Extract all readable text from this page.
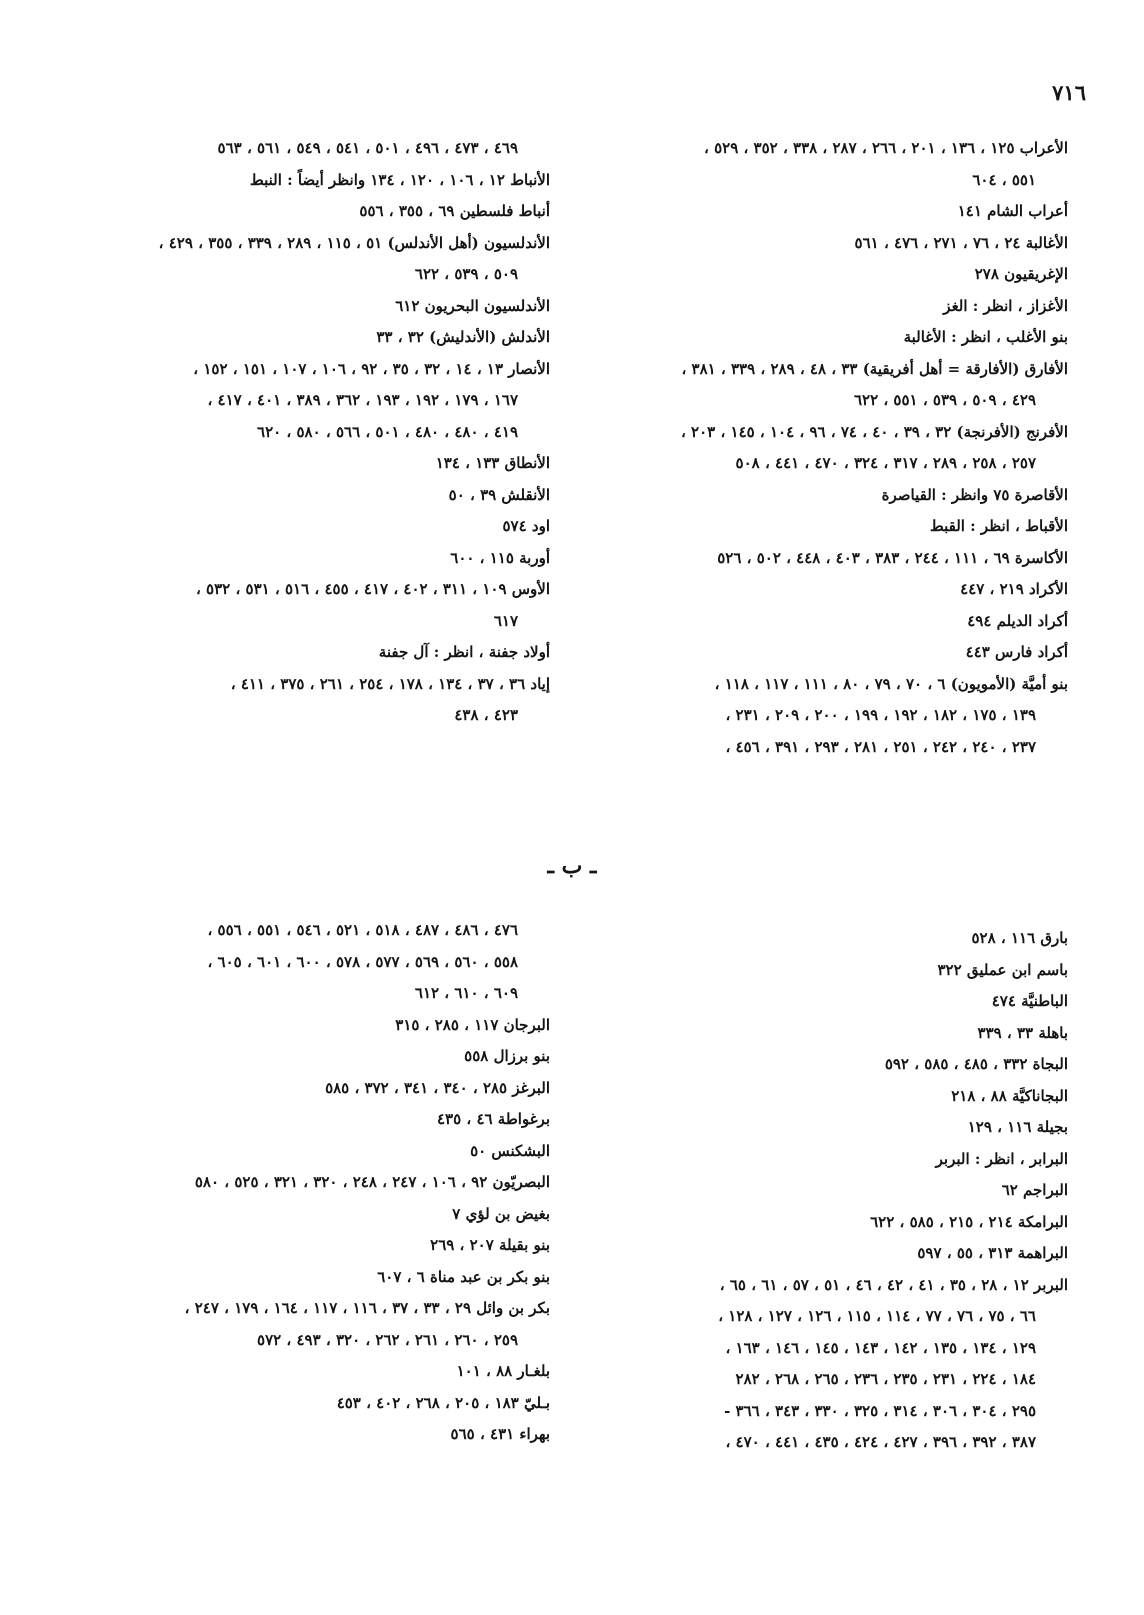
٧١٦
الأعراب ١٢٥ ، ١٣٦ ، ٢٠١ ، ٢٦٦ ، ٢٨٧ ، ٣٣٨ ، ٣٥٢ ، ٥٢٩ ،
٥٥١ ، ٦٠٤
أعراب الشام ١٤١
الأغالبة ٢٤ ، ٧٦ ، ٢٧١ ، ٤٧٦ ، ٥٦١
الإغريقيون ٢٧٨
الأغزاز ، انظر : الغز
بنو الأغلب ، انظر : الأغالبة
الأفارق (الأفارقة = أهل أفريقية) ٣٣ ، ٤٨ ، ٢٨٩ ، ٣٣٩ ، ٣٨١ ،
٤٢٩ ، ٥٠٩ ، ٥٣٩ ، ٥٥١ ، ٦٢٢
الأفرنج (الأفرنجة) ٣٢ ، ٣٩ ، ٤٠ ، ٧٤ ، ٩٦ ، ١٠٤ ، ١٤٥ ، ٢٠٣ ،
٢٥٧ ، ٢٥٨ ، ٢٨٩ ، ٣١٧ ، ٣٢٤ ، ٤٧٠ ، ٤٤١ ، ٥٠٨
الأقاصرة ٧٥ وانظر : القياصرة
الأقباط ، انظر : القبط
الأكاسرة ٦٩ ، ١١١ ، ٢٤٤ ، ٣٨٣ ، ٤٠٣ ، ٤٤٨ ، ٥٠٢ ، ٥٢٦
الأكراد ٢١٩ ، ٤٤٧
أكراد الديلم ٤٩٤
أكراد فارس ٤٤٣
بنو أميَّة (الأمويون) ٦ ، ٧٠ ، ٧٩ ، ٨٠ ، ١١١ ، ١١٧ ، ١١٨ ،
١٣٩ ، ١٧٥ ، ١٨٢ ، ١٩٢ ، ١٩٩ ، ٢٠٠ ، ٢٠٩ ، ٢٣١ ،
٢٣٧ ، ٢٤٠ ، ٢٤٢ ، ٢٥١ ، ٢٨١ ، ٢٩٣ ، ٣٩١ ، ٤٥٦ ،
٤٦٩ ، ٤٧٣ ، ٤٩٦ ، ٥٠١ ، ٥٤١ ، ٥٤٩ ، ٥٦١ ، ٥٦٣
الأنباط ١٢ ، ١٠٦ ، ١٢٠ ، ١٣٤ وانظر أيضاً : النبط
أنباط فلسطين ٦٩ ، ٣٥٥ ، ٥٥٦
الأندلسيون (أهل الأندلس) ٥١ ، ١١٥ ، ٢٨٩ ، ٣٣٩ ، ٣٥٥ ، ٤٢٩ ،
٥٠٩ ، ٥٣٩ ، ٦٢٢
الأندلسيون البحريون ٦١٢
الأندلش (الأندليش) ٣٢ ، ٣٣
الأنصار ١٣ ، ١٤ ، ٣٢ ، ٣٥ ، ٩٢ ، ١٠٦ ، ١٠٧ ، ١٥١ ، ١٥٢ ،
١٦٧ ، ١٧٩ ، ١٩٢ ، ١٩٣ ، ٣٦٢ ، ٣٨٩ ، ٤٠١ ، ٤١٧ ،
٤١٩ ، ٤٨٠ ، ٤٨٠ ، ٥٠١ ، ٥٦٦ ، ٥٨٠ ، ٦٢٠
الأنطاق ١٣٣ ، ١٣٤
الأنقلش ٣٩ ، ٥٠
اود ٥٧٤
أوربة ١١٥ ، ٦٠٠
الأوس ١٠٩ ، ٣١١ ، ٤٠٢ ، ٤١٧ ، ٤٥٥ ، ٥١٦ ، ٥٣١ ، ٥٣٢ ،
٦١٧
أولاد جفنة ، انظر : آل جفنة
إياد ٣٦ ، ٣٧ ، ١٣٤ ، ١٧٨ ، ٢٥٤ ، ٢٦١ ، ٣٧٥ ، ٤١١ ،
٤٢٣ ، ٤٣٨
ـ ب ـ
بارق ١١٦ ، ٥٢٨
باسم ابن عمليق ٣٢٢
الباطنيَّة ٤٧٤
باهلة ٣٣ ، ٣٣٩
البجاة ٣٣٢ ، ٤٨٥ ، ٥٨٥ ، ٥٩٢
البجاناكيَّة ٨٨ ، ٢١٨
بجيلة ١١٦ ، ١٢٩
البرابر ، انظر : البربر
البراجم ٦٢
البرامكة ٢١٤ ، ٢١٥ ، ٥٨٥ ، ٦٢٢
البراهمة ٣١٣ ، ٥٥ ، ٥٩٧
البربر ١٢ ، ٢٨ ، ٣٥ ، ٤١ ، ٤٢ ، ٤٦ ، ٥١ ، ٥٧ ، ٦١ ، ٦٥ ،
٦٦ ، ٧٥ ، ٧٦ ، ٧٧ ، ١١٤ ، ١١٥ ، ١٢٦ ، ١٢٧ ، ١٢٨ ،
١٢٩ ، ١٣٤ ، ١٣٥ ، ١٤٢ ، ١٤٣ ، ١٤٥ ، ١٤٦ ، ١٦٣ ،
١٨٤ ، ٢٢٤ ، ٢٣١ ، ٢٣٥ ، ٢٣٦ ، ٢٦٥ ، ٢٦٨ ، ٢٨٢
٢٩٥ ، ٣٠٤ ، ٣٠٦ ، ٣١٤ ، ٣٢٥ ، ٣٣٠ ، ٣٤٣ ، ٣٦٦ -
٣٨٧ ، ٣٩٢ ، ٣٩٦ ، ٤٢٧ ، ٤٢٤ ، ٤٣٥ ، ٤٤١ ، ٤٧٠ ،
٤٧٦ ، ٤٨٦ ، ٤٨٧ ، ٥١٨ ، ٥٢١ ، ٥٤٦ ، ٥٥١ ، ٥٥٦ ،
٥٥٨ ، ٥٦٠ ، ٥٦٩ ، ٥٧٧ ، ٥٧٨ ، ٦٠٠ ، ٦٠١ ، ٦٠٥ ،
٦٠٩ ، ٦١٠ ، ٦١٢
البرجان ١١٧ ، ٢٨٥ ، ٣١٥
بنو برزال ٥٥٨
البرغز ٢٨٥ ، ٣٤٠ ، ٣٤١ ، ٣٧٢ ، ٥٨٥
برغواطة ٤٦ ، ٤٣٥
البشكنس ٥٠
البصريّون ٩٢ ، ١٠٦ ، ٢٤٧ ، ٢٤٨ ، ٣٢٠ ، ٣٢١ ، ٥٢٥ ، ٥٨٠
بغيض بن لؤي ٧
بنو بقيلة ٢٠٧ ، ٢٦٩
بنو بكر بن عبد مناة ٦ ، ٦٠٧
بكر بن وائل ٢٩ ، ٣٣ ، ٣٧ ، ١١٦ ، ١١٧ ، ١٦٤ ، ١٧٩ ، ٢٤٧ ،
٢٥٩ ، ٢٦٠ ، ٢٦١ ، ٢٦٢ ، ٣٢٠ ، ٤٩٣ ، ٥٧٢
بلغـار ٨٨ ، ١٠١
بـليّ ١٨٣ ، ٢٠٥ ، ٢٦٨ ، ٤٠٢ ، ٤٥٣
بهراء ٤٣١ ، ٥٦٥
